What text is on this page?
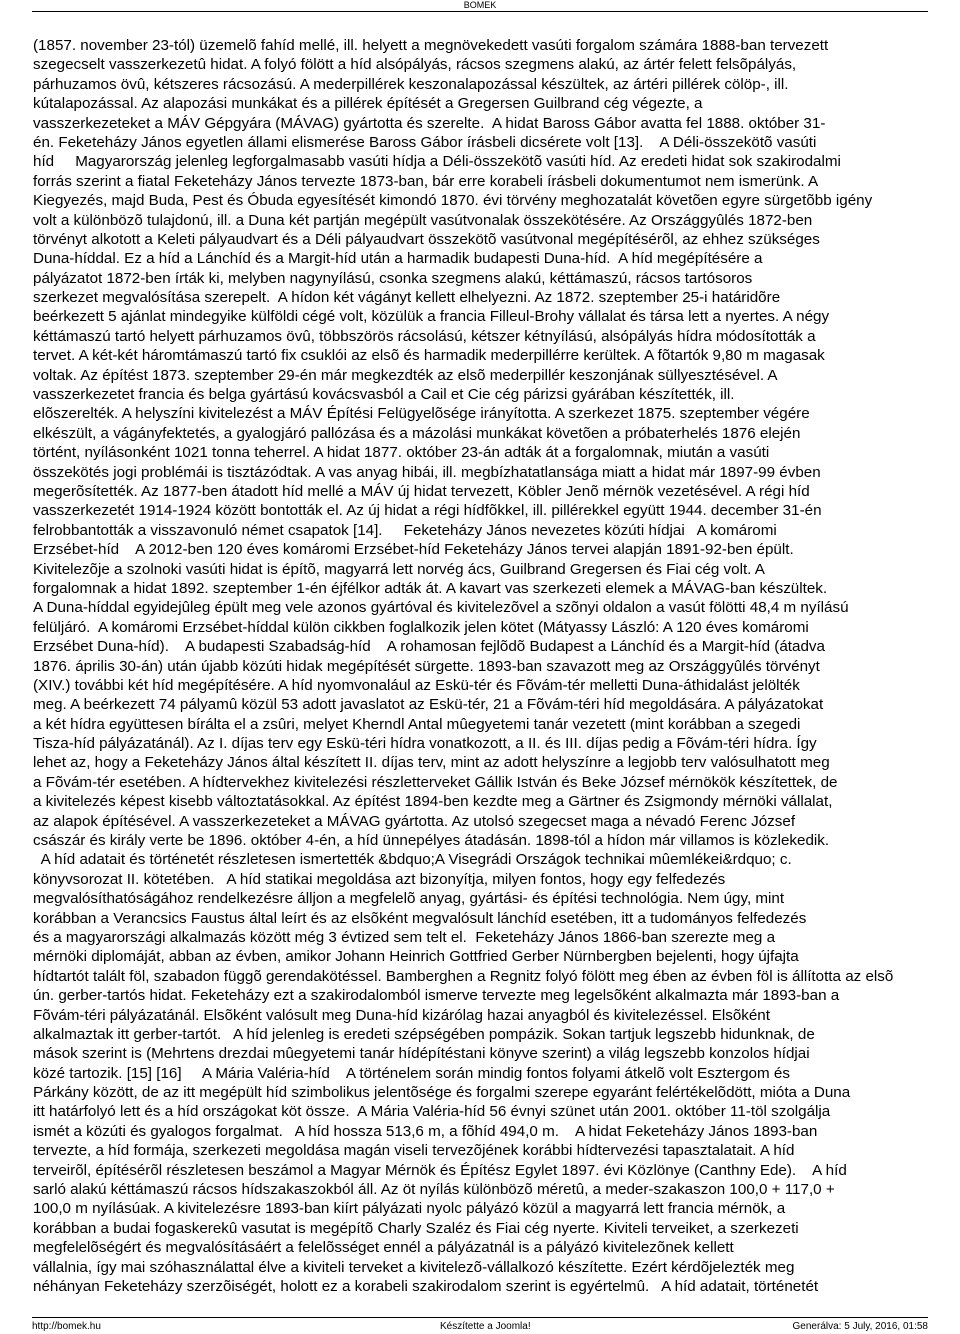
BOMEK
(1857. november 23-tól) üzemelõ fahíd mellé, ill. helyett a megnövekedett vasúti forgalom számára 1888-ban tervezett
szegecselt vasszerkezetû hidat. A folyó fölött a híd alsópályás, rácsos szegmens alakú, az ártér felett felsõpályás,
párhuzamos övû, kétszeres rácsozású. A mederpillérek keszonalapozással készültek, az ártéri pillérek cölöp-, ill.
kútalapozással. Az alapozási munkákat és a pillérek építését a Gregersen Guilbrand cég végezte, a
vasszerkezeteket a MÁV Gépgyára (MÁVAG) gyártotta és szerelte.  A hidat Baross Gábor avatta fel 1888. október 31-
én. Feketeházy János egyetlen állami elismerése Baross Gábor írásbeli dicsérete volt [13].    A Déli-összekötõ vasúti
híd     Magyarország jelenleg legforgalmasabb vasúti hídja a Déli-összekötõ vasúti híd. Az eredeti hidat sok szakirodalmi
forrás szerint a fiatal Feketeházy János tervezte 1873-ban, bár erre korabeli írásbeli dokumentumot nem ismerünk. A
Kiegyezés, majd Buda, Pest és Óbuda egyesítését kimondó 1870. évi törvény meghozatalát követõen egyre sürgetõbb igény
volt a különbözõ tulajdonú, ill. a Duna két partján megépült vasútvonalak összekötésére. Az Országgyûlés 1872-ben
törvényt alkotott a Keleti pályaudvart és a Déli pályaudvart összekötõ vasútvonal megépítésérõl, az ehhez szükséges
Duna-híddal. Ez a híd a Lánchíd és a Margit-híd után a harmadik budapesti Duna-híd.  A híd megépítésére a
pályázatot 1872-ben írták ki, melyben nagynyílású, csonka szegmens alakú, kéttámaszú, rácsos tartósoros
szerkezet megvalósítása szerepelt.  A hídon két vágányt kellett elhelyezni. Az 1872. szeptember 25-i határidõre
beérkezett 5 ajánlat mindegyike külföldi cégé volt, közülük a francia Filleul-Brohy vállalat és társa lett a nyertes. A négy
kéttámaszú tartó helyett párhuzamos övû, többszörös rácsolású, kétszer kétnyílású, alsópályás hídra módosították a
tervet. A két-két háromtámaszú tartó fix csuklói az elsõ és harmadik mederpillérre kerültek. A fõtartók 9,80 m magasak
voltak. Az építést 1873. szeptember 29-én már megkezdték az elsõ mederpillér keszonjának süllyesztésével. A
vasszerkezetet francia és belga gyártású kovácsvasból a Cail et Cie cég párizsi gyárában készítették, ill.
elõszerelték. A helyszíni kivitelezést a MÁV Építési Felügyelõsége irányította. A szerkezet 1875. szeptember végére
elkészült, a vágányfektetés, a gyalogjáró pallózása és a mázolási munkákat követõen a próbaterhelés 1876 elején
történt, nyílásonként 1021 tonna teherrel. A hidat 1877. október 23-án adták át a forgalomnak, miután a vasúti
összekötés jogi problémái is tisztázódtak. A vas anyag hibái, ill. megbízhatatlansága miatt a hidat már 1897-99 évben
megerõsítették. Az 1877-ben átadott híd mellé a MÁV új hidat tervezett, Köbler Jenõ mérnök vezetésével. A régi híd
vasszerkezetét 1914-1924 között bontották el. Az új hidat a régi hídfõkkel, ill. pillérekkel együtt 1944. december 31-én
felrobbantották a visszavonuló német csapatok [14].     Feketeházy János nevezetes közúti hídjai   A komáromi
Erzsébet-híd    A 2012-ben 120 éves komáromi Erzsébet-híd Feketeházy János tervei alapján 1891-92-ben épült.
Kivitelezõje a szolnoki vasúti hidat is építõ, magyarrá lett norvég ács, Guilbrand Gregersen és Fiai cég volt. A
forgalomnak a hidat 1892. szeptember 1-én éjfélkor adták át. A kavart vas szerkezeti elemek a MÁVAG-ban készültek.
A Duna-híddal egyidejûleg épült meg vele azonos gyártóval és kivitelezõvel a szõnyi oldalon a vasút fölötti 48,4 m nyílású
felüljáró.  A komáromi Erzsébet-híddal külön cikkben foglalkozik jelen kötet (Mátyassy László: A 120 éves komáromi
Erzsébet Duna-híd).    A budapesti Szabadság-híd    A rohamosan fejlõdõ Budapest a Lánchíd és a Margit-híd (átadva
1876. április 30-án) után újabb közúti hidak megépítését sürgette. 1893-ban szavazott meg az Országgyûlés törvényt
(XIV.) további két híd megépítésére. A híd nyomvonalául az Eskü-tér és Fõvám-tér melletti Duna-áthidalást jelölték
meg. A beérkezett 74 pályamû közül 53 adott javaslatot az Eskü-tér, 21 a Fõvám-téri híd megoldására. A pályázatokat
a két hídra együttesen bírálta el a zsûri, melyet Kherndl Antal mûegyetemi tanár vezetett (mint korábban a szegedi
Tisza-híd pályázatánál). Az I. díjas terv egy Eskü-téri hídra vonatkozott, a II. és III. díjas pedig a Fõvám-téri hídra. Így
lehet az, hogy a Feketeházy János által készített II. díjas terv, mint az adott helyszínre a legjobb terv valósulhatott meg
a Fõvám-tér esetében. A hídtervekhez kivitelezési részletterveket Gállik István és Beke József mérnökök készítettek, de
a kivitelezés képest kisebb változtatásokkal. Az építést 1894-ben kezdte meg a Gärtner és Zsigmondy mérnöki vállalat,
az alapok építésével. A vasszerkezeteket a MÁVAG gyártotta. Az utolsó szegecset maga a névadó Ferenc József
császár és király verte be 1896. október 4-én, a híd ünnepélyes átadásán. 1898-tól a hídon már villamos is közlekedik.
A híd adatait és történetét részletesen ismertették &bdquo;A Visegrádi Országok technikai mûemlékei&rdquo; c.
könyvsorozat II. kötetében.   A híd statikai megoldása azt bizonyítja, milyen fontos, hogy egy felfedezés
megvalósíthatóságához rendelkezésre álljon a megfelelõ anyag, gyártási- és építési technológia. Nem úgy, mint
korábban a Verancsics Faustus által leírt és az elsõként megvalósult lánchíd esetében, itt a tudományos felfedezés
és a magyarországi alkalmazás között még 3 évtized sem telt el.  Feketeházy János 1866-ban szerezte meg a
mérnöki diplomáját, abban az évben, amikor Johann Heinrich Gottfried Gerber Nürnbergben bejelenti, hogy újfajta
hídtartót talált föl, szabadon függõ gerendakötéssel. Bamberghen a Regnitz folyó fölött meg ében az évben föl is állította az elsõ
ún. gerber-tartós hidat. Feketeházy ezt a szakirodalomból ismerve tervezte meg legelsõként alkalmazta már 1893-ban a
Fõvám-téri pályázatánál. Elsõként valósult meg Duna-híd kizárólag hazai anyagból és kivitelezéssel. Elsõként
alkalmaztak itt gerber-tartót.   A híd jelenleg is eredeti szépségében pompázik. Sokan tartjuk legszebb hidunknak, de
mások szerint is (Mehrtens drezdai mûegyetemi tanár hídépítéstani könyve szerint) a világ legszebb konzolos hídjai
közé tartozik. [15] [16]     A Mária Valéria-híd    A történelem során mindig fontos folyami átkelõ volt Esztergom és
Párkány között, de az itt megépült híd szimbolikus jelentõsége és forgalmi szerepe egyaránt felértékelõdött, mióta a Duna
itt határfolyó lett és a híd országokat köt össze.  A Mária Valéria-híd 56 évnyi szünet után 2001. október 11-töl szolgálja
ismét a közúti és gyalogos forgalmat.   A híd hossza 513,6 m, a fõhíd 494,0 m.    A hidat Feketeházy János 1893-ban
tervezte, a híd formája, szerkezeti megoldása magán viseli tervezõjének korábbi hídtervezési tapasztalatait. A híd
terveirõl, építésérõl részletesen beszámol a Magyar Mérnök és Építész Egylet 1897. évi Közlönye (Canthny Ede).    A híd
sarló alakú kéttámaszú rácsos hídszakaszokból áll. Az öt nyílás különbözõ méretû, a meder-szakaszon 100,0 + 117,0 +
100,0 m nyílásúak. A kivitelezésre 1893-ban kiírt pályázati nyolc pályázó közül a magyarrá lett francia mérnök, a
korábban a budai fogaskerekû vasutat is megépítõ Charly Szaléz és Fiai cég nyerte. Kiviteli terveiket, a szerkezeti
megfelelõségért és megvalósításáért a felelõsséget ennél a pályázatnál is a pályázó kivitelezõnek kellett
vállalnia, így mai szóhasználattal élve a kiviteli terveket a kivitelezõ-vállalkozó készítette. Ezért kérdõjelezték meg
néhányan Feketeházy szerzõiségét, holott ez a korabeli szakirodalom szerint is egyértelmû.   A híd adatait, történetét
http://bomek.hu	Készítette a Joomla!	Generálva: 5 July, 2016, 01:58
